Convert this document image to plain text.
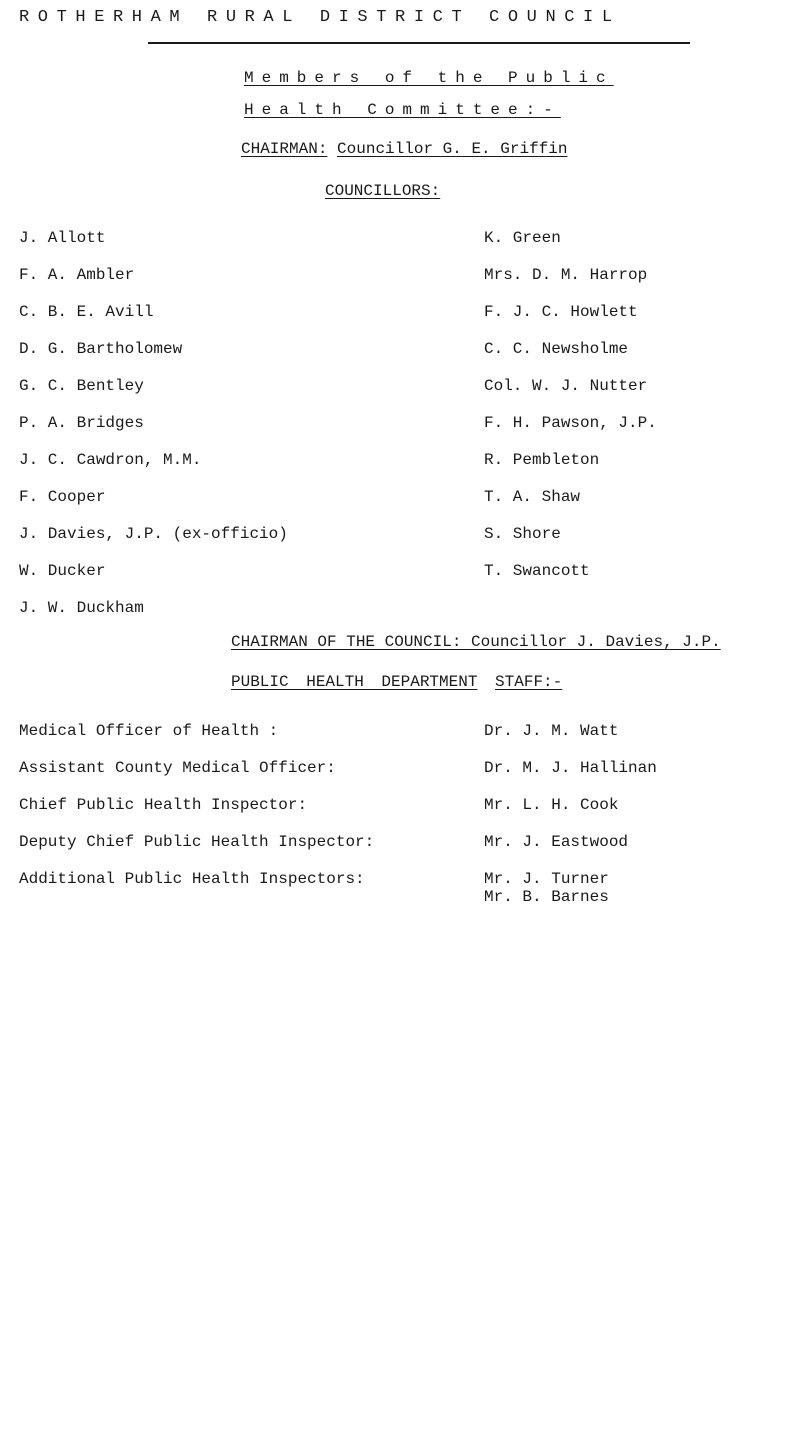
ROTHERHAM RURAL DISTRICT COUNCIL
Members of the Public
Health Committee:-
CHAIRMAN: Councillor G. E. Griffin
COUNCILLORS:
J. Allott
F. A. Ambler
C. B. E. Avill
D. G. Bartholomew
G. C. Bentley
P. A. Bridges
J. C. Cawdron, M.M.
F. Cooper
J. Davies, J.P. (ex-officio)
W. Ducker
J. W. Duckham
K. Green
Mrs. D. M. Harrop
F. J. C. Howlett
C. C. Newsholme
Col. W. J. Nutter
F. H. Pawson, J.P.
R. Pembleton
T. A. Shaw
S. Shore
T. Swancott
CHAIRMAN OF THE COUNCIL: Councillor J. Davies, J.P.
PUBLIC HEALTH DEPARTMENT STAFF:-
Medical Officer of Health :
Assistant County Medical Officer:
Chief Public Health Inspector:
Deputy Chief Public Health Inspector:
Additional Public Health Inspectors:
Dr. J. M. Watt
Dr. M. J. Hallinan
Mr. L. H. Cook
Mr. J. Eastwood
Mr. J. Turner
Mr. B. Barnes
